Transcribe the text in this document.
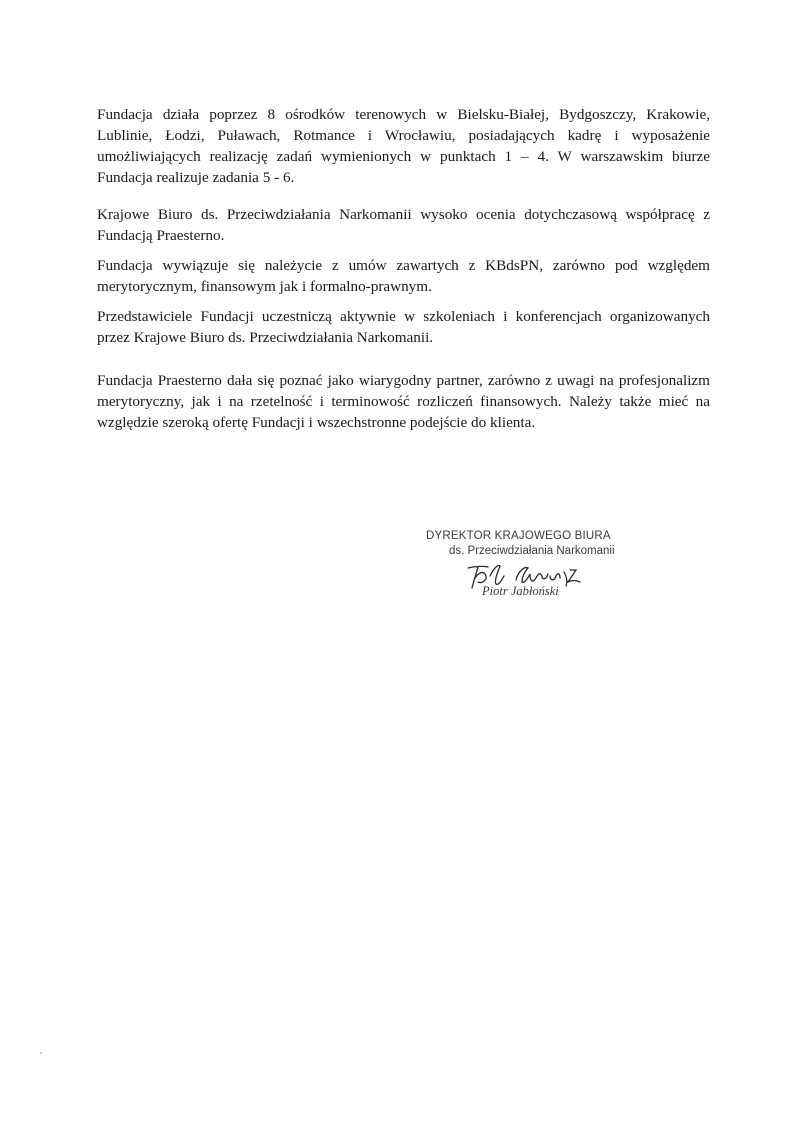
Fundacja działa poprzez 8 ośrodków terenowych w Bielsku-Białej, Bydgoszczy, Krakowie, Lublinie, Łodzi, Puławach, Rotmance i Wrocławiu, posiadających kadrę i wyposażenie umożliwiających realizację zadań wymienionych w punktach 1 – 4. W warszawskim biurze Fundacja realizuje zadania 5 - 6.

Krajowe Biuro ds. Przeciwdziałania Narkomanii wysoko ocenia dotychczasową współpracę z Fundacją Praesterno.

Fundacja wywiązuje się należycie z umów zawartych z KBdsPN, zarówno pod względem merytorycznym, finansowym jak i formalno-prawnym.

Przedstawiciele Fundacji uczestniczą aktywnie w szkoleniach i konferencjach organizowanych przez Krajowe Biuro ds. Przeciwdziałania Narkomanii.

Fundacja Praesterno dała się poznać jako wiarygodny partner, zarówno z uwagi na profesjonalizm merytoryczny, jak i na rzetelność i terminowość rozliczeń finansowych. Należy także mieć na względzie szeroką ofertę Fundacji i wszechstronne podejście do klienta.

DYREKTOR KRAJOWEGO BIURA
ds. Przeciwdziałania Narkomanii
Piotr Jabłoński
